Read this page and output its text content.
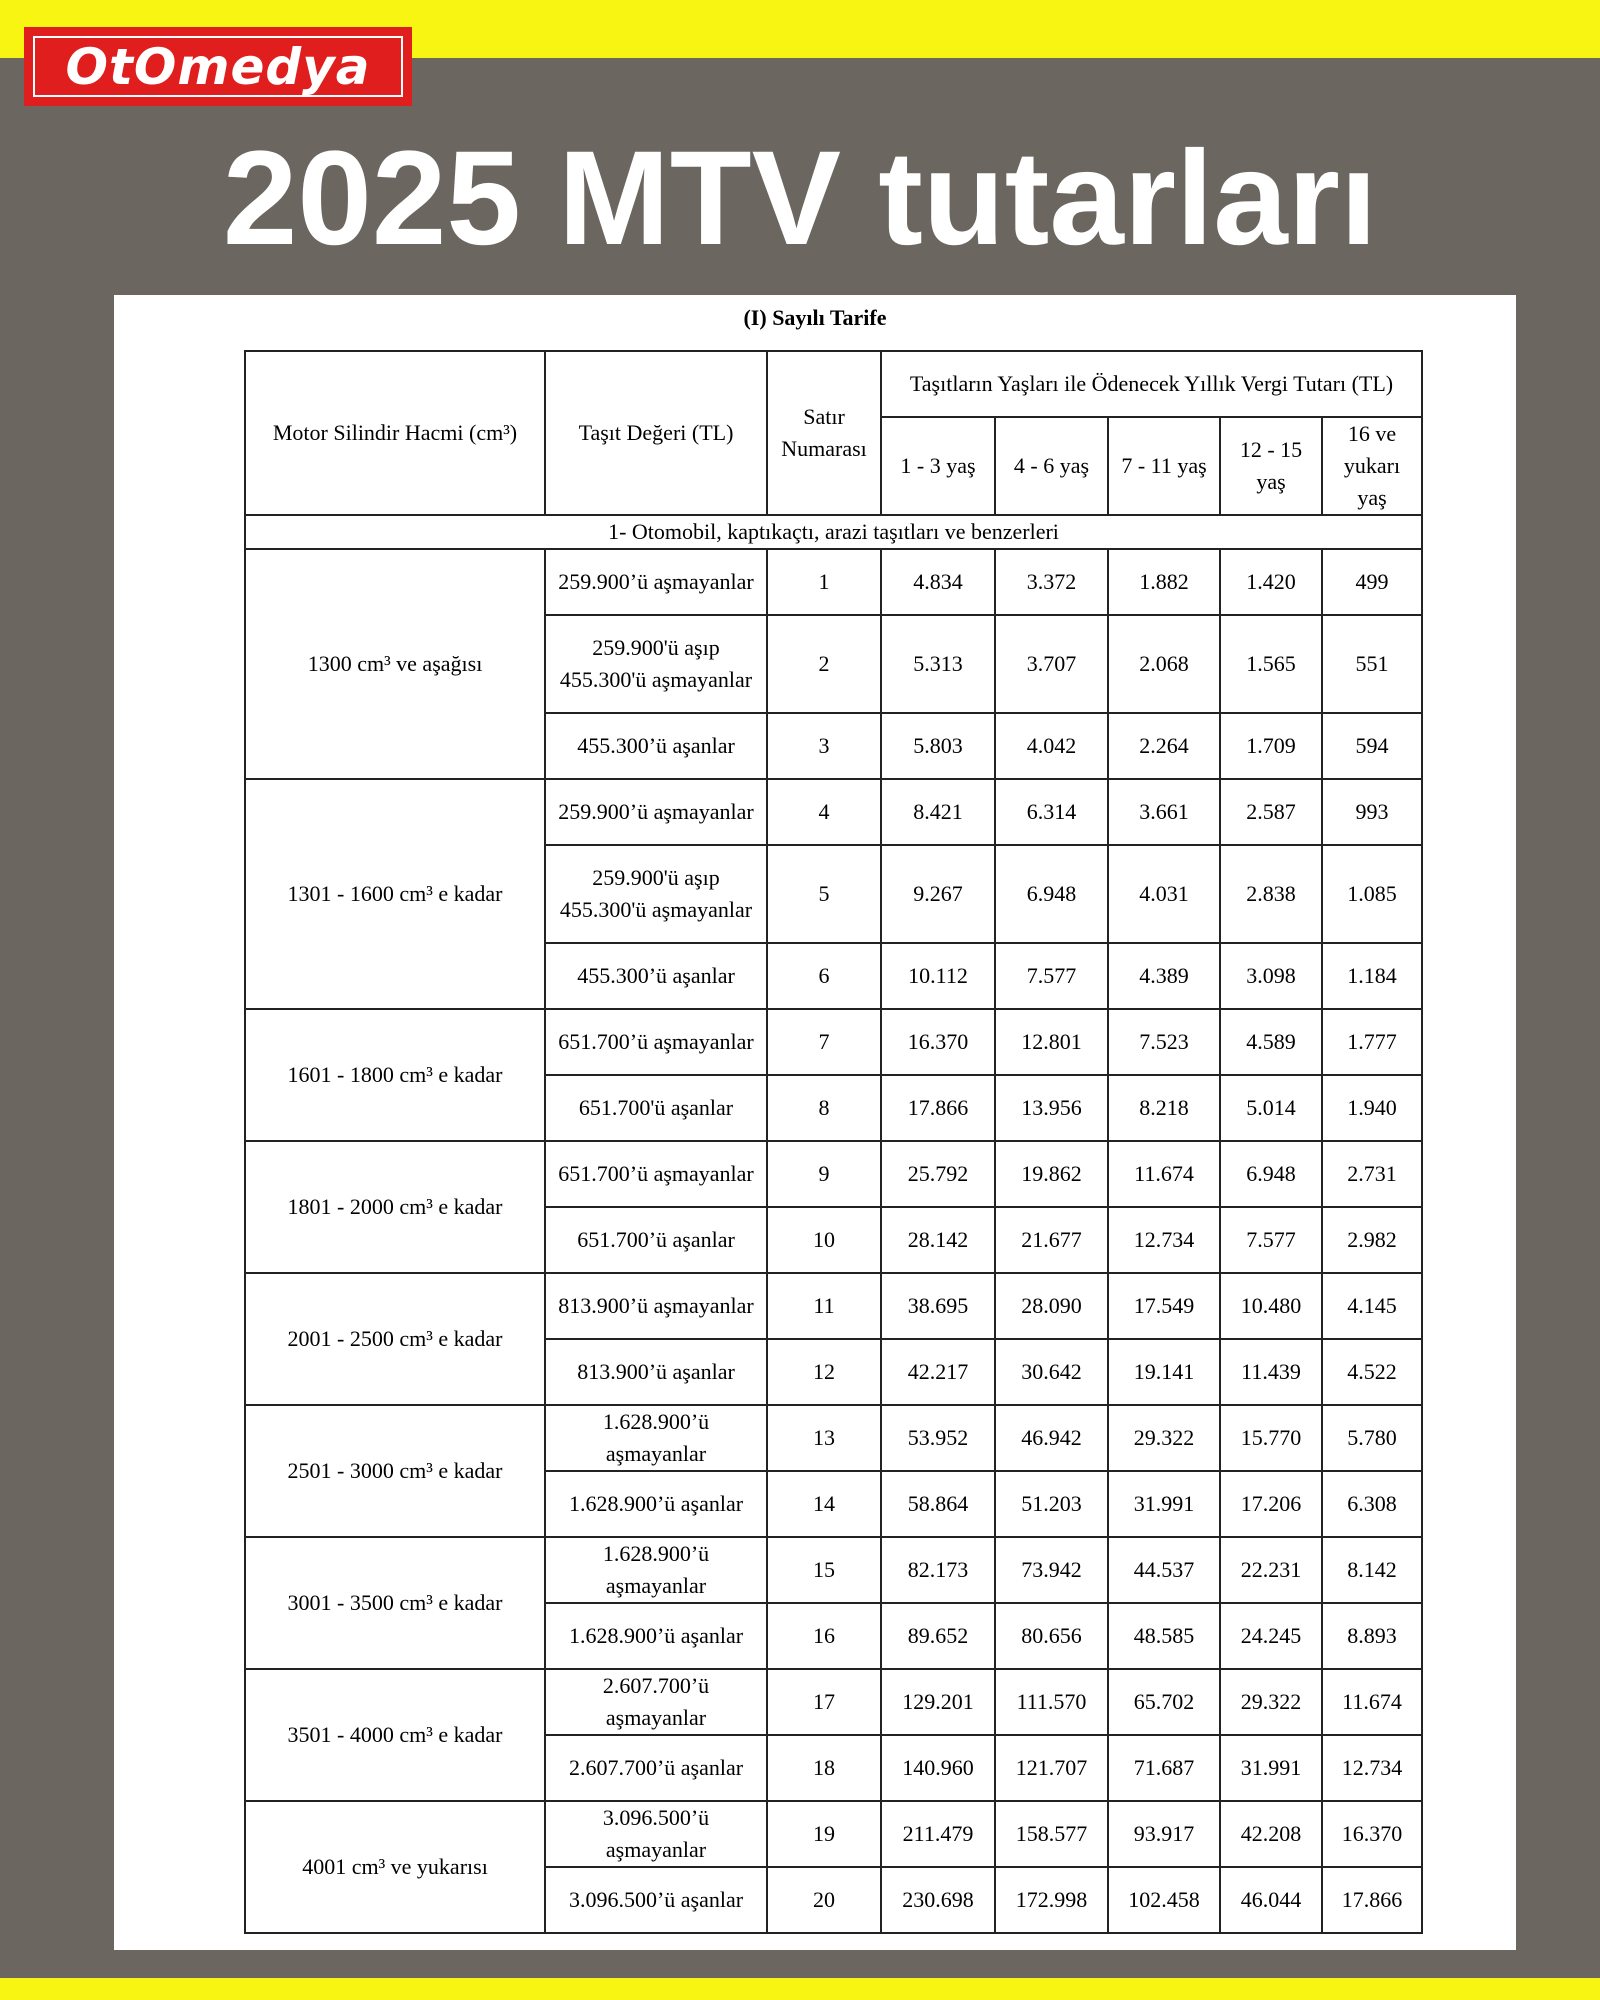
OtOmedya
2025 MTV tutarları
(I) Sayılı Tarife
Motor Silindir Hacmi (cm³)	Taşıt Değeri (TL)	Satır Numarası	Taşıtların Yaşları ile Ödenecek Yıllık Vergi Tutarı (TL)				
			1 - 3 yaş	4 - 6 yaş	7 - 11 yaş	12 - 15 yaş	16 ve yukarı yaş
1- Otomobil, kaptıkaçtı, arazi taşıtları ve benzerleri							
1300 cm³ ve aşağısı	259.900’ü aşmayanlar	1	4.834	3.372	1.882	1.420	499
	259.900'ü aşıp 455.300'ü aşmayanlar	2	5.313	3.707	2.068	1.565	551
	455.300’ü aşanlar	3	5.803	4.042	2.264	1.709	594
1301 - 1600 cm³ e kadar	259.900’ü aşmayanlar	4	8.421	6.314	3.661	2.587	993
	259.900'ü aşıp 455.300'ü aşmayanlar	5	9.267	6.948	4.031	2.838	1.085
	455.300’ü aşanlar	6	10.112	7.577	4.389	3.098	1.184
1601 - 1800 cm³ e kadar	651.700’ü aşmayanlar	7	16.370	12.801	7.523	4.589	1.777
	651.700'ü aşanlar	8	17.866	13.956	8.218	5.014	1.940
1801 - 2000 cm³ e kadar	651.700’ü aşmayanlar	9	25.792	19.862	11.674	6.948	2.731
	651.700’ü aşanlar	10	28.142	21.677	12.734	7.577	2.982
2001 - 2500 cm³ e kadar	813.900’ü aşmayanlar	11	38.695	28.090	17.549	10.480	4.145
	813.900’ü aşanlar	12	42.217	30.642	19.141	11.439	4.522
2501 - 3000 cm³ e kadar	1.628.900’ü aşmayanlar	13	53.952	46.942	29.322	15.770	5.780
	1.628.900’ü aşanlar	14	58.864	51.203	31.991	17.206	6.308
3001 - 3500 cm³ e kadar	1.628.900’ü aşmayanlar	15	82.173	73.942	44.537	22.231	8.142
	1.628.900’ü aşanlar	16	89.652	80.656	48.585	24.245	8.893
3501 - 4000 cm³ e kadar	2.607.700’ü aşmayanlar	17	129.201	111.570	65.702	29.322	11.674
	2.607.700’ü aşanlar	18	140.960	121.707	71.687	31.991	12.734
4001 cm³ ve yukarısı	3.096.500’ü aşmayanlar	19	211.479	158.577	93.917	42.208	16.370
	3.096.500’ü aşanlar	20	230.698	172.998	102.458	46.044	17.866
